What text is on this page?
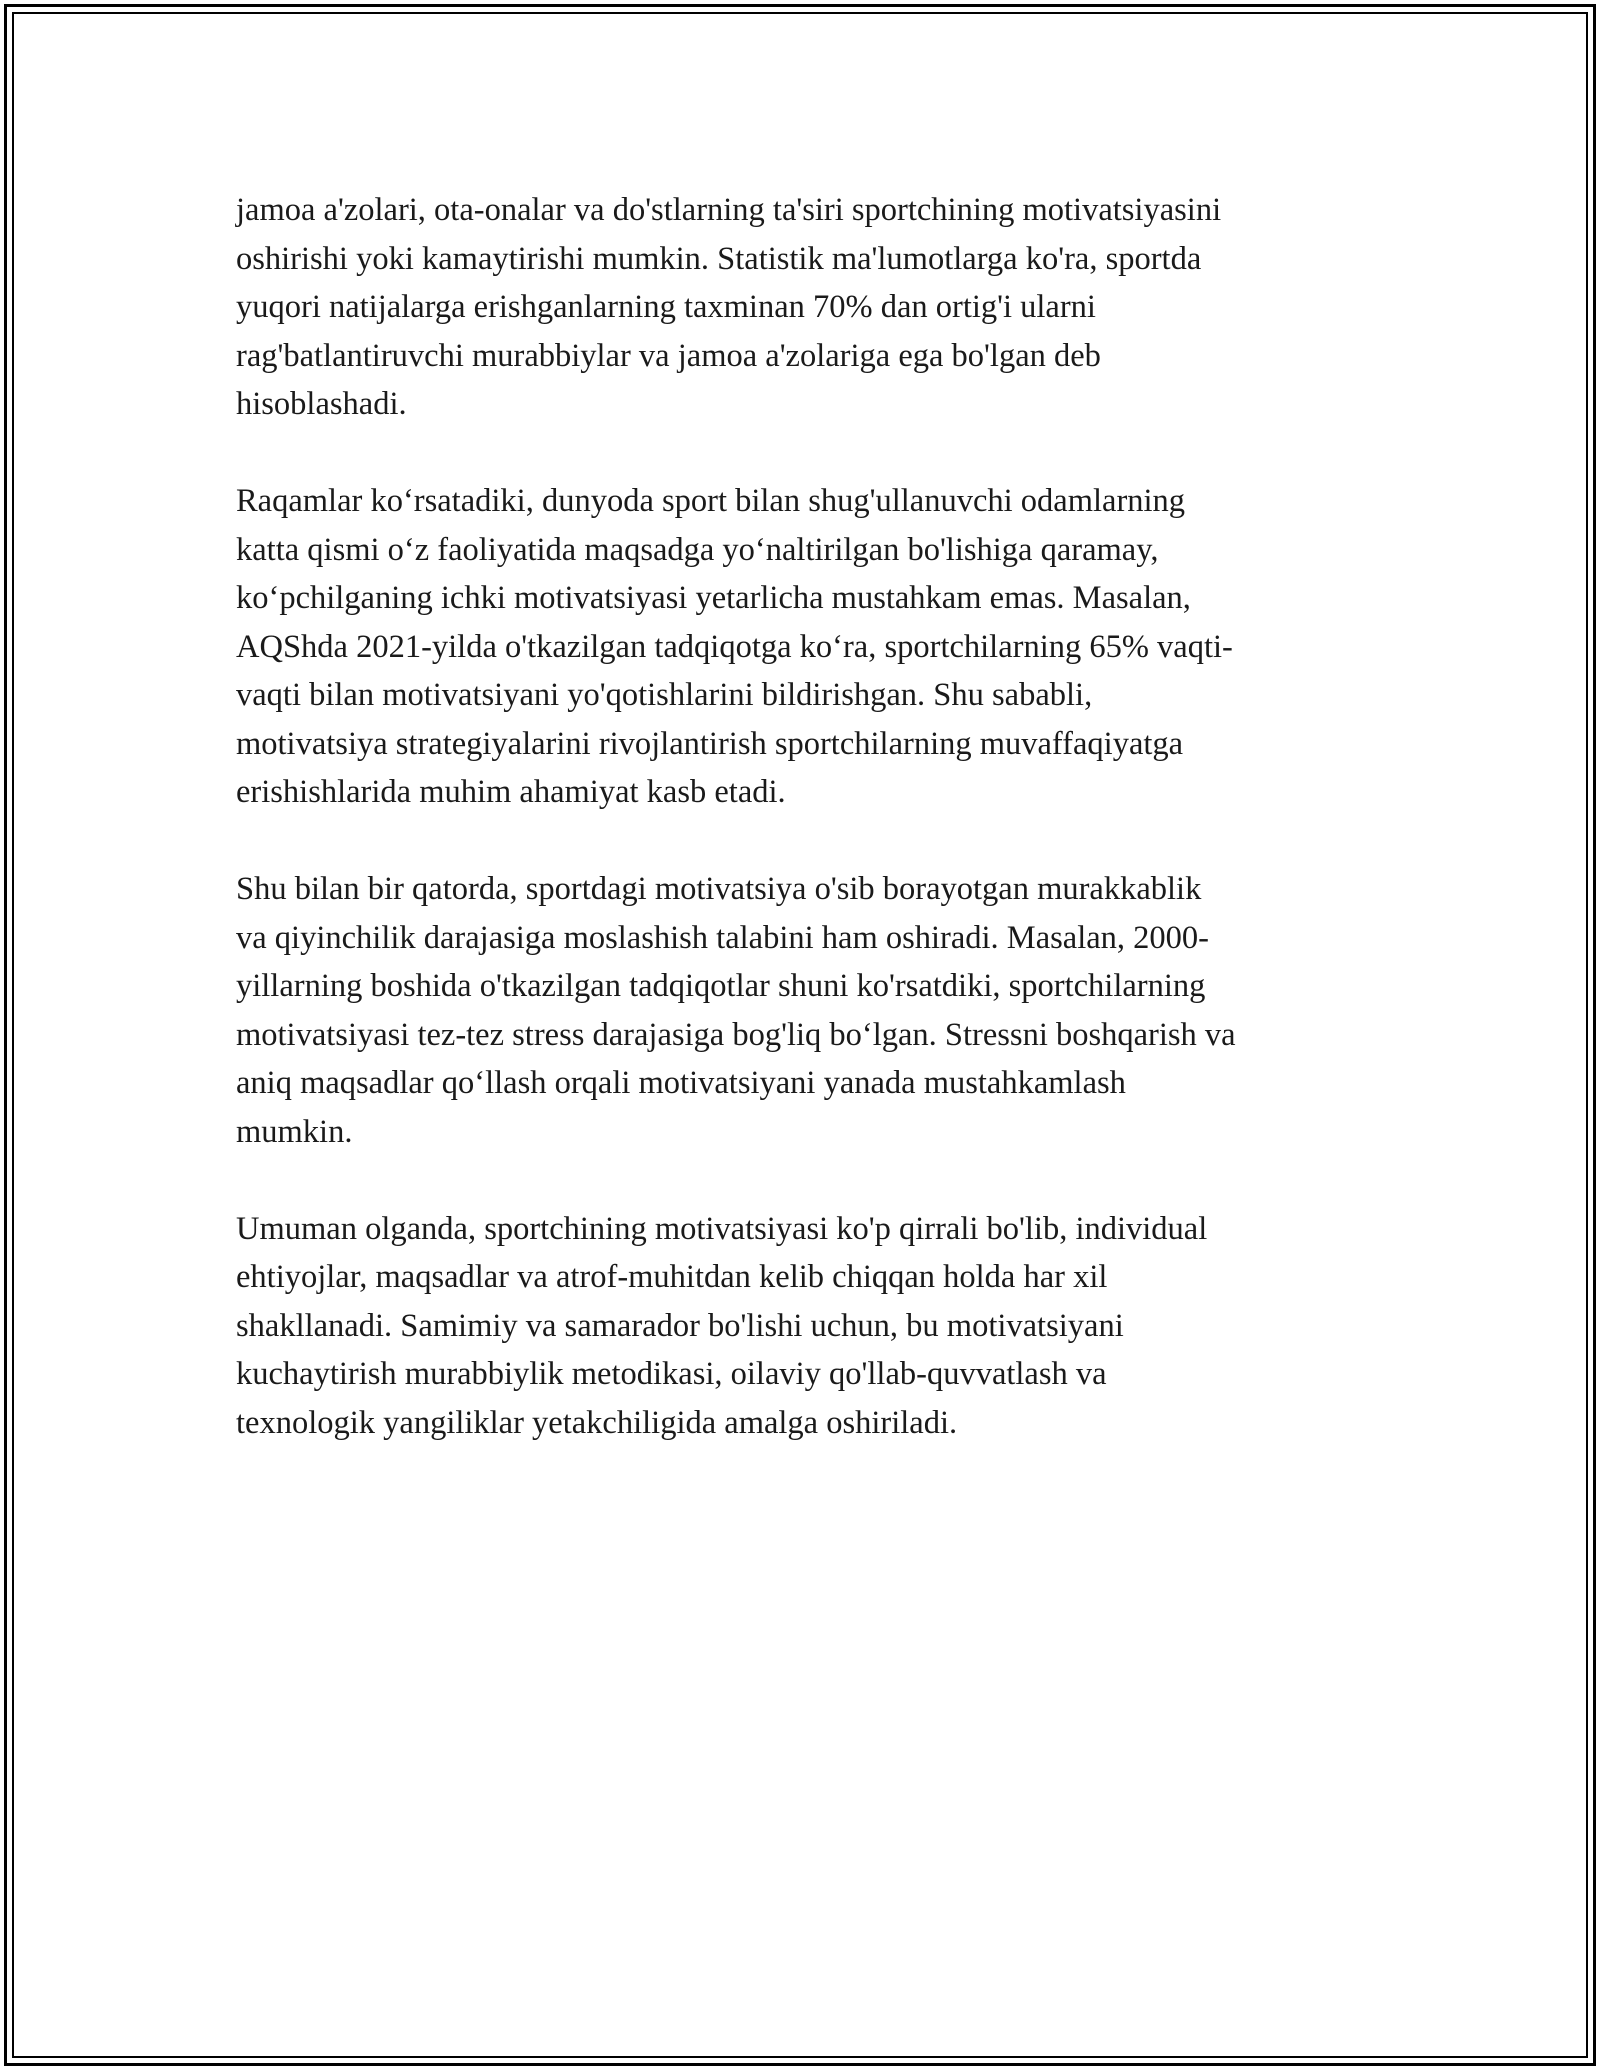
jamoa a'zolari, ota-onalar va do'stlarning ta'siri sportchining motivatsiyasini
oshirishi yoki kamaytirishi mumkin. Statistik ma'lumotlarga ko'ra, sportda
yuqori natijalarga erishganlarning taxminan 70% dan ortig'i ularni
rag'batlantiruvchi murabbiylar va jamoa a'zolariga ega bo'lgan deb
hisoblashadi.

Raqamlar koʻrsatadiki, dunyoda sport bilan shug'ullanuvchi odamlarning
katta qismi oʻz faoliyatida maqsadga yoʻnaltirilgan bo'lishiga qaramay,
koʻpchilganing ichki motivatsiyasi yetarlicha mustahkam emas. Masalan,
AQShda 2021-yilda o'tkazilgan tadqiqotga koʻra, sportchilarning 65% vaqti-
vaqti bilan motivatsiyani yo'qotishlarini bildirishgan. Shu sababli,
motivatsiya strategiyalarini rivojlantirish sportchilarning muvaffaqiyatga
erishishlarida muhim ahamiyat kasb etadi.

Shu bilan bir qatorda, sportdagi motivatsiya o'sib borayotgan murakkablik
va qiyinchilik darajasiga moslashish talabini ham oshiradi. Masalan, 2000-
yillarning boshida o'tkazilgan tadqiqotlar shuni ko'rsatdiki, sportchilarning
motivatsiyasi tez-tez stress darajasiga bog'liq boʻlgan. Stressni boshqarish va
aniq maqsadlar qoʻllash orqali motivatsiyani yanada mustahkamlash
mumkin.

Umuman olganda, sportchining motivatsiyasi ko'p qirrali bo'lib, individual
ehtiyojlar, maqsadlar va atrof-muhitdan kelib chiqqan holda har xil
shakllanadi. Samimiy va samarador bo'lishi uchun, bu motivatsiyani
kuchaytirish murabbiylik metodikasi, oilaviy qo'llab-quvvatlash va
texnologik yangiliklar yetakchiligida amalga oshiriladi.
